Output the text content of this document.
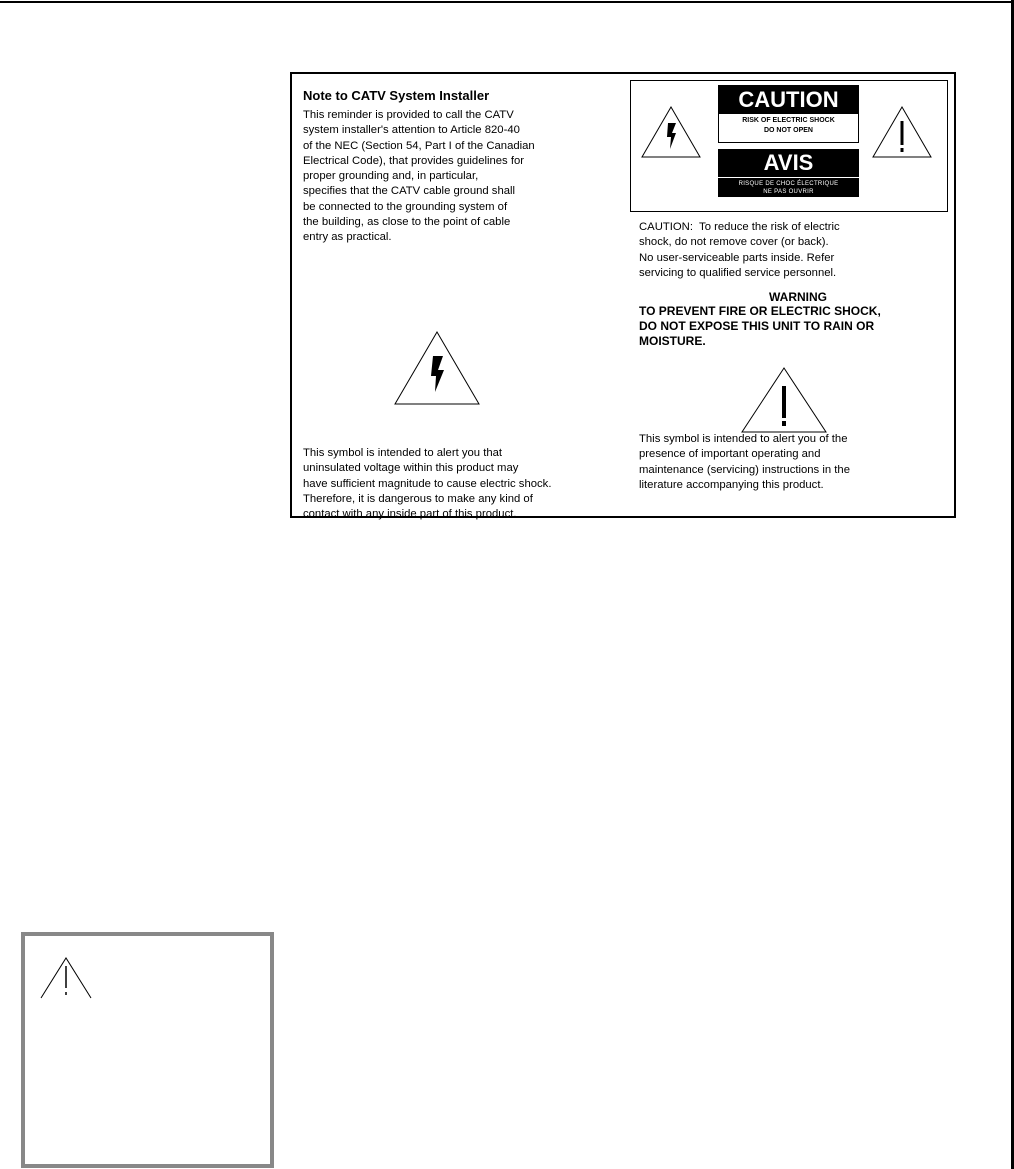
Note to CATV System Installer

This reminder is provided to call the CATV
system installer's attention to Article 820-40
of the NEC (Section 54, Part I of the Canadian
Electrical Code), that provides guidelines for
proper grounding and, in particular,
specifies that the CATV cable ground shall
be connected to the grounding system of
the building, as close to the point of cable
entry as practical.

CAUTION
RISK OF ELECTRIC SHOCK
DO NOT OPEN
AVIS
RISQUE DE CHOC ÉLECTRIQUE
NE PAS OUVRIR

CAUTION:  To reduce the risk of electric
shock, do not remove cover (or back).
No user-serviceable parts inside. Refer
servicing to qualified service personnel.

WARNING

TO PREVENT FIRE OR ELECTRIC SHOCK,
DO NOT EXPOSE THIS UNIT TO RAIN OR
MOISTURE.

This symbol is intended to alert you that
uninsulated voltage within this product may
have sufficient magnitude to cause electric shock.
Therefore, it is dangerous to make any kind of
contact with any inside part of this product.

This symbol is intended to alert you of the
presence of important operating and
maintenance (servicing) instructions in the
literature accompanying this product.
